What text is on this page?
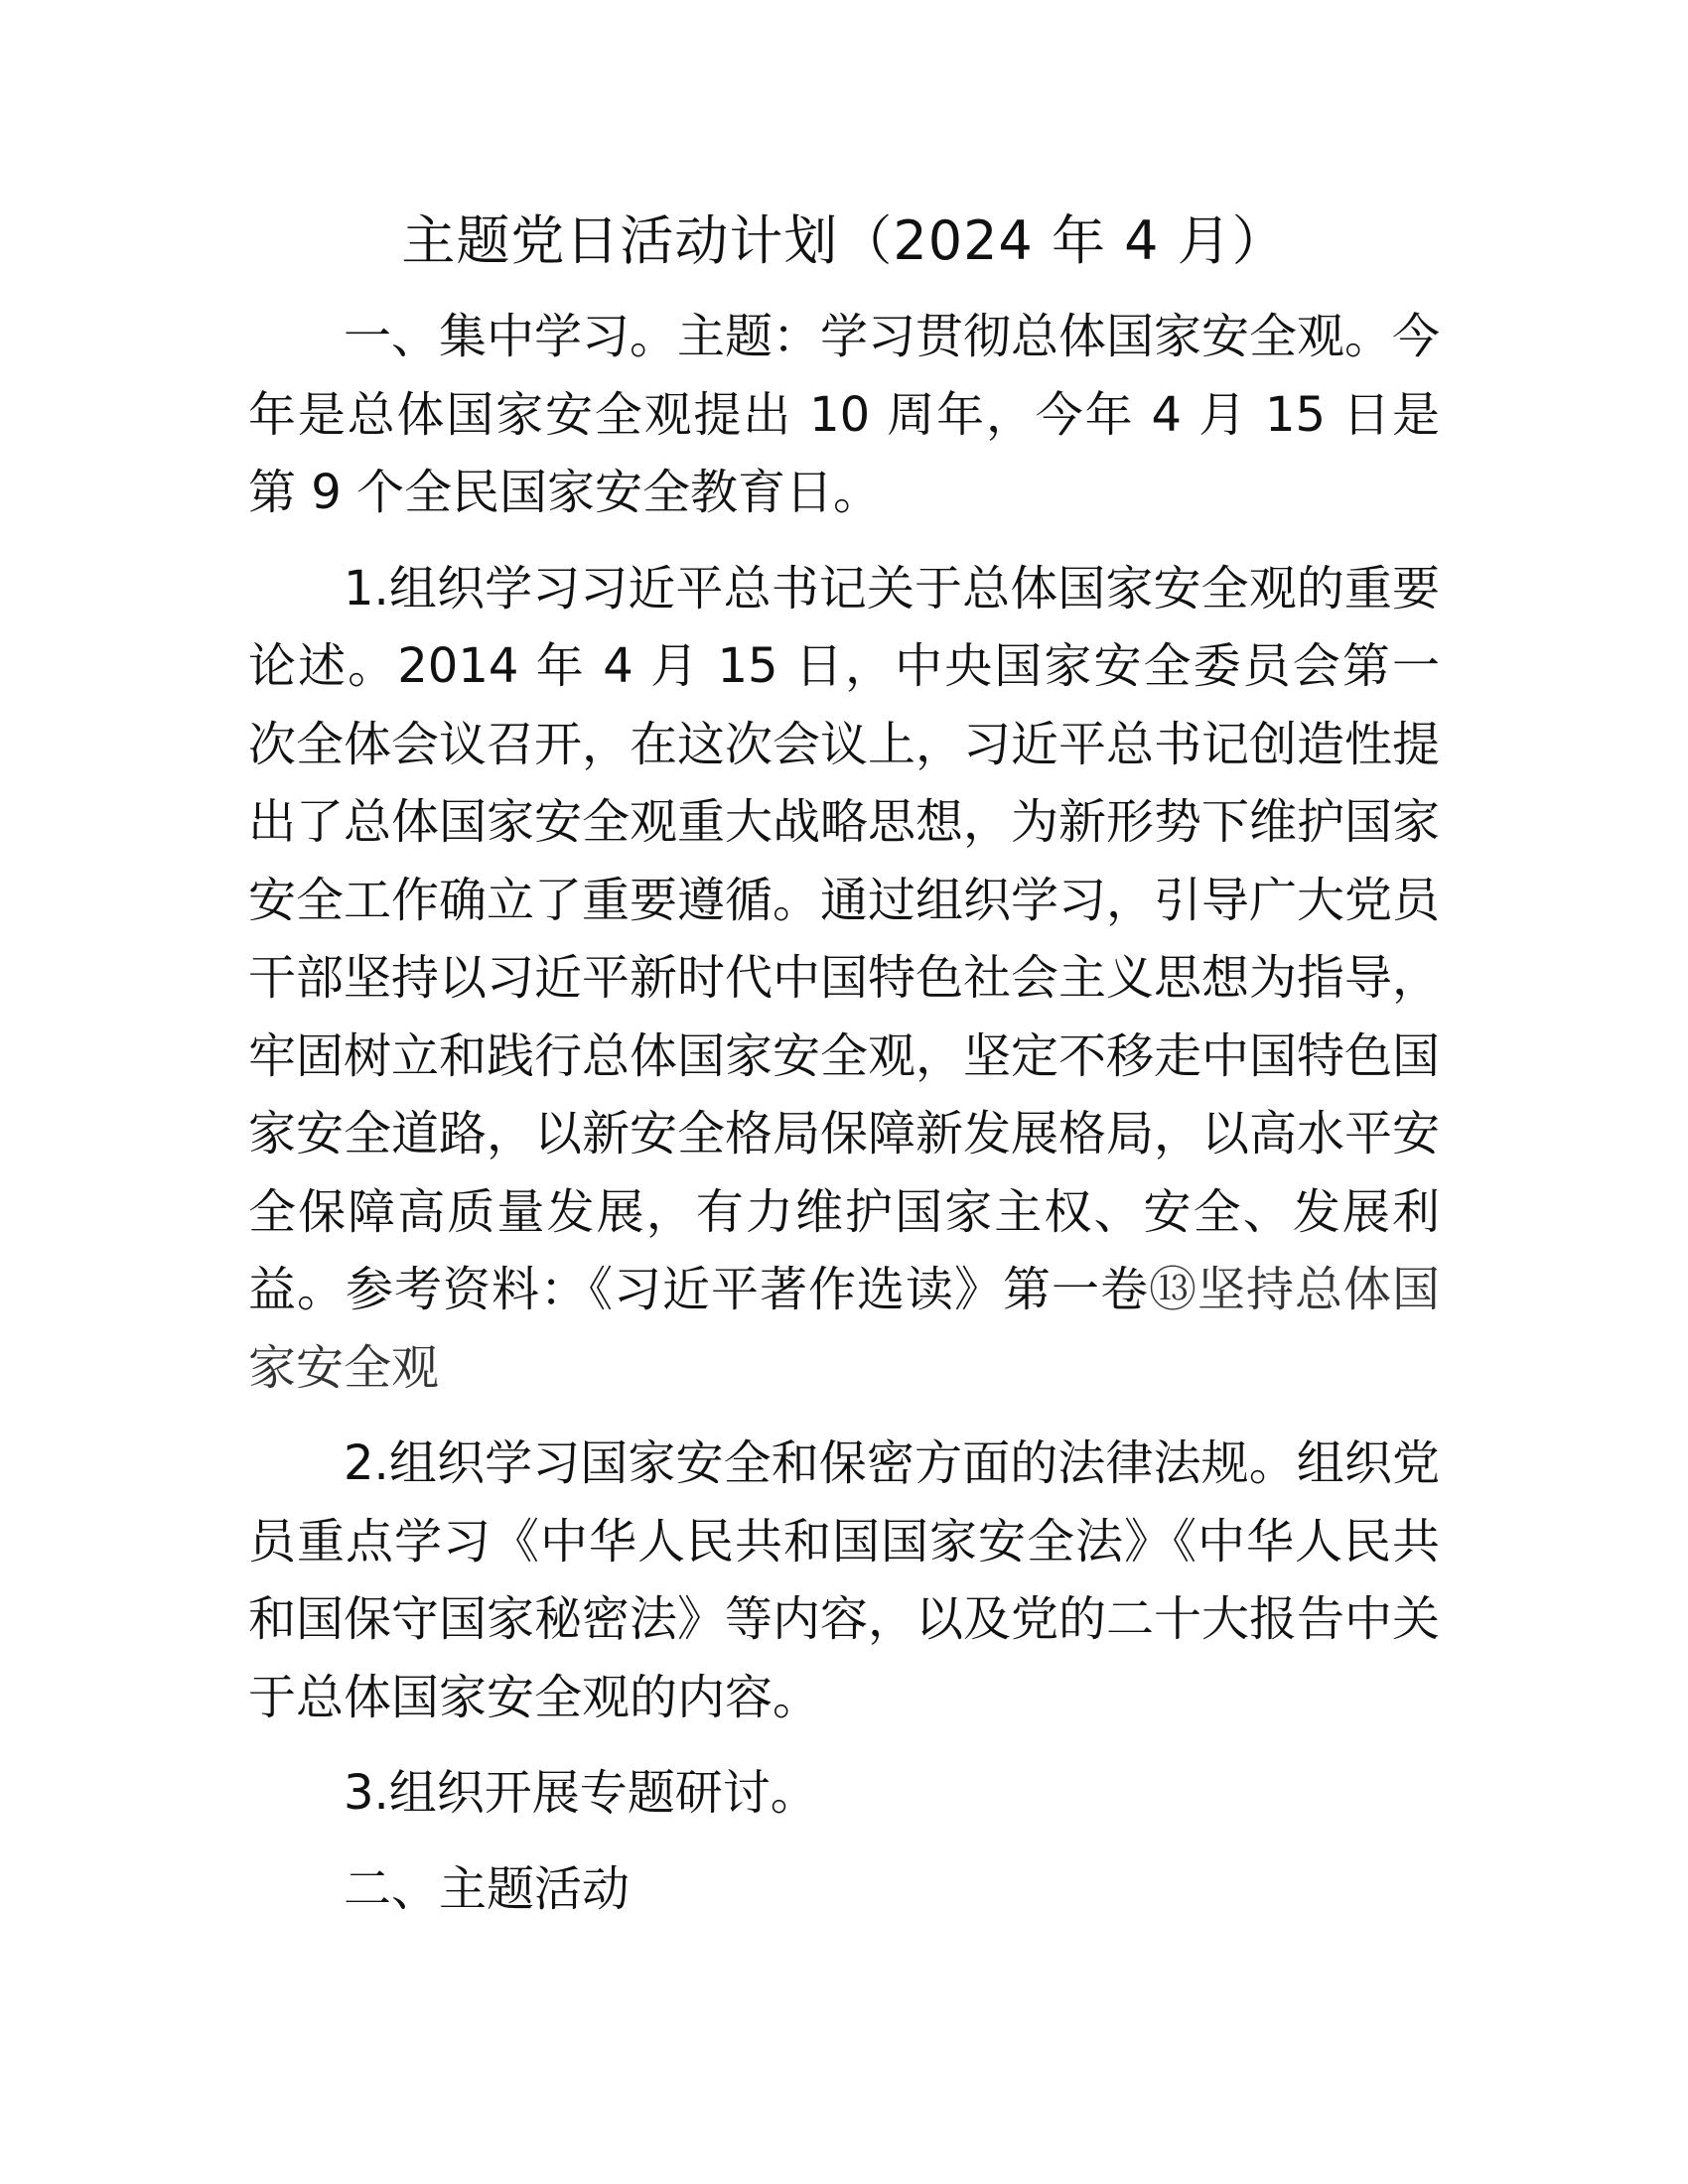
主题党日活动计划（2024 年 4 月）

一、集中学习。主题：学习贯彻总体国家安全观。今年是总体国家安全观提出 10 周年，今年 4 月 15 日是第 9 个全民国家安全教育日。

1.组织学习习近平总书记关于总体国家安全观的重要论述。2014 年 4 月 15 日，中央国家安全委员会第一次全体会议召开，在这次会议上，习近平总书记创造性提出了总体国家安全观重大战略思想，为新形势下维护国家安全工作确立了重要遵循。通过组织学习，引导广大党员干部坚持以习近平新时代中国特色社会主义思想为指导，牢固树立和践行总体国家安全观，坚定不移走中国特色国家安全道路，以新安全格局保障新发展格局，以高水平安全保障高质量发展，有力维护国家主权、安全、发展利益。参考资料：《习近平著作选读》第一卷⑬坚持总体国家安全观

2.组织学习国家安全和保密方面的法律法规。组织党员重点学习《中华人民共和国国家安全法》《中华人民共和国保守国家秘密法》等内容，以及党的二十大报告中关于总体国家安全观的内容。

3.组织开展专题研讨。

二、主题活动
